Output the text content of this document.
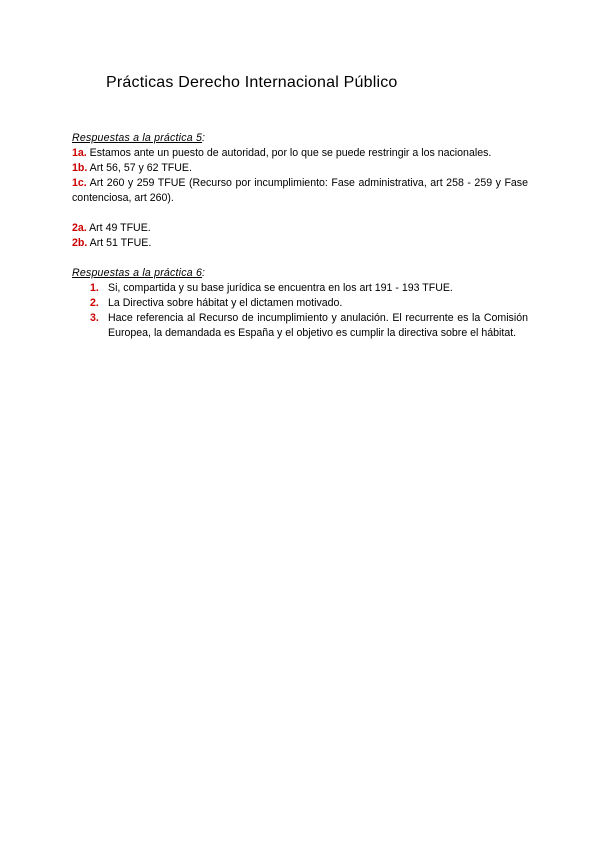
Prácticas Derecho Internacional Público
Respuestas a la práctica 5:
1a. Estamos ante un puesto de autoridad, por lo que se puede restringir a los nacionales.
1b. Art 56, 57 y 62 TFUE.
1c. Art 260 y 259 TFUE (Recurso por incumplimiento: Fase administrativa, art 258 - 259 y Fase contenciosa, art 260).
2a. Art 49 TFUE.
2b. Art 51 TFUE.
Respuestas a la práctica 6:
1. Si, compartida y su base jurídica se encuentra en los art 191 - 193 TFUE.
2. La Directiva sobre hábitat y el dictamen motivado.
3. Hace referencia al Recurso de incumplimiento y anulación. El recurrente es la Comisión Europea, la demandada es España y el objetivo es cumplir la directiva sobre el hábitat.
